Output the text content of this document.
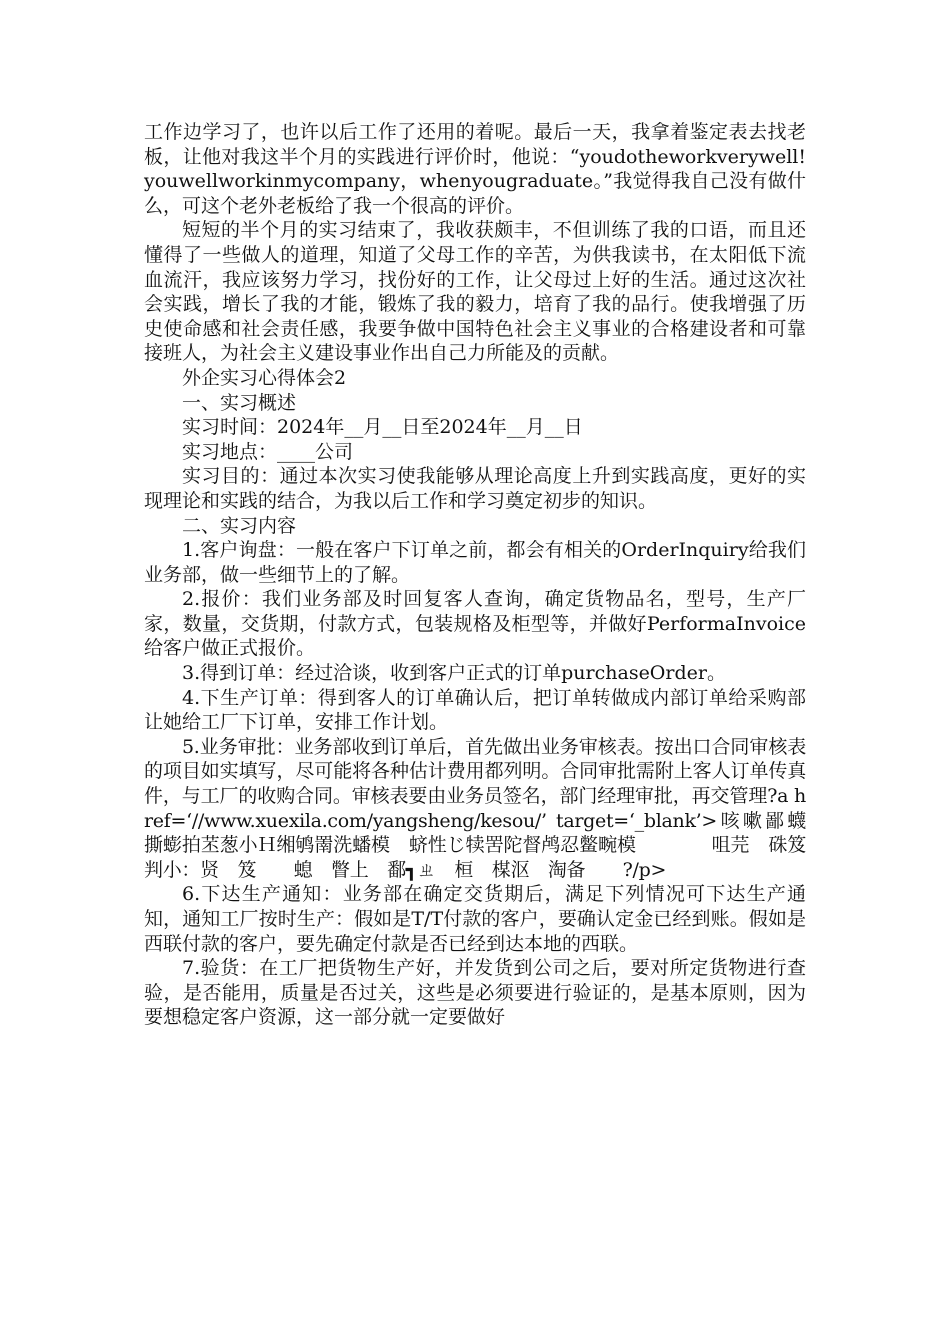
工作边学习了，也许以后工作了还用的着呢。最后一天，我拿着鉴定表去找老板，让他对我这半个月的实践进行评价时，他说：“youdotheworkverywell! youwellworkinmycompany，whenyougraduate。”我觉得我自己没有做什么，可这个老外老板给了我一个很高的评价。

短短的半个月的实习结束了，我收获颇丰，不但训练了我的口语，而且还懂得了一些做人的道理，知道了父母工作的辛苦，为供我读书，在太阳低下流血流汗，我应该努力学习，找份好的工作，让父母过上好的生活。通过这次社会实践，增长了我的才能，锻炼了我的毅力，培育了我的品行。使我增强了历史使命感和社会责任感，我要争做中国特色社会主义事业的合格建设者和可靠接班人，为社会主义建设事业作出自己力所能及的贡献。

外企实习心得体会2

一、实习概述

实习时间：2024年__月__日至2024年__月__日

实习地点：____公司

实习目的：通过本次实习使我能够从理论高度上升到实践高度，更好的实现理论和实践的结合，为我以后工作和学习奠定初步的知识。

二、实习内容

1.客户询盘：一般在客户下订单之前，都会有相关的OrderInquiry给我们业务部，做一些细节上的了解。

2.报价：我们业务部及时回复客人查询，确定货物品名，型号，生产厂家，数量，交货期，付款方式，包装规格及柜型等，并做好PerformaInvoice给客户做正式报价。

3.得到订单：经过洽谈，收到客户正式的订单purchaseOrder。

4.下生产订单：得到客人的订单确认后，把订单转做成内部订单给采购部让她给工厂下订单，安排工作计划。

5.业务审批：业务部收到订单后，首先做出业务审核表。按出口合同审核表的项目如实填写，尽可能将各种估计费用都列明。合同审批需附上客人订单传真件，与工厂的收购合同。审核表要由业务员签名，部门经理审批，再交管理?a href=‘//www.xuexila.com/yangsheng/kesou/’ target=‘_blank’>咳嗽鄙蠛撕蟛拍苤葱小Ｈ缃鸲罱洗蟠模　蛴性じ犊罟陀督鸬忍鳖畹模　　　　咀芫　硃笈　判小：贤　笈　　螅　瞥上　鄱┓ㄓ　桓　楳沤　淘备　　?/p>

6.下达生产通知：业务部在确定交货期后，满足下列情况可下达生产通知，通知工厂按时生产：假如是T/T付款的客户，要确认定金已经到账。假如是西联付款的客户，要先确定付款是否已经到达本地的西联。

7.验货：在工厂把货物生产好，并发货到公司之后，要对所定货物进行查验，是否能用，质量是否过关，这些是必须要进行验证的，是基本原则，因为要想稳定客户资源，这一部分就一定要做好
